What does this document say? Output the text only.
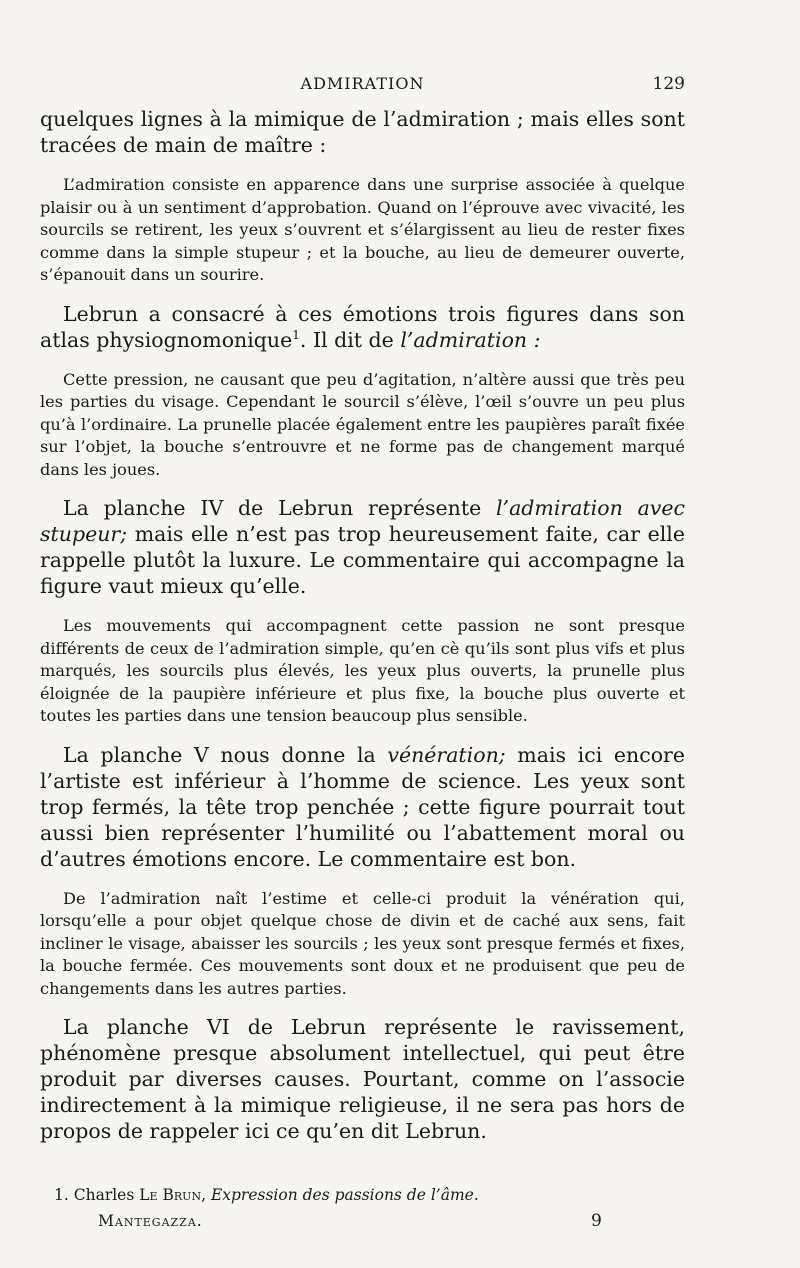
ADMIRATION	129

quelques lignes à la mimique de l’admiration ; mais elles sont tracées de main de maître :

L’admiration consiste en apparence dans une surprise associée à quelque plaisir ou à un sentiment d’approbation. Quand on l’éprouve avec vivacité, les sourcils se retirent, les yeux s’ouvrent et s’élargissent au lieu de rester fixes comme dans la simple stupeur ; et la bouche, au lieu de demeurer ouverte, s’épanouit dans un sourire.

Lebrun a consacré à ces émotions trois figures dans son atlas physiognomonique$^1$. Il dit de l’admiration :

Cette pression, ne causant que peu d’agitation, n’altère aussi que très peu les parties du visage. Cependant le sourcil s’élève, l’œil s’ouvre un peu plus qu’à l’ordinaire. La prunelle placée également entre les paupières paraît fixée sur l’objet, la bouche s’entrouvre et ne forme pas de changement marqué dans les joues.

La planche IV de Lebrun représente l’admiration avec stupeur; mais elle n’est pas trop heureusement faite, car elle rappelle plutôt la luxure. Le commentaire qui accompagne la figure vaut mieux qu’elle.

Les mouvements qui accompagnent cette passion ne sont presque différents de ceux de l’admiration simple, qu’en cè qu’ils sont plus vifs et plus marqués, les sourcils plus élevés, les yeux plus ouverts, la prunelle plus éloignée de la paupière inférieure et plus fixe, la bouche plus ouverte et toutes les parties dans une tension beaucoup plus sensible.

La planche V nous donne la vénération; mais ici encore l’artiste est inférieur à l’homme de science. Les yeux sont trop fermés, la tête trop penchée ; cette figure pourrait tout aussi bien représenter l’humilité ou l’abattement moral ou d’autres émotions encore. Le commentaire est bon.

De l’admiration naît l’estime et celle-ci produit la vénération qui, lorsqu’elle a pour objet quelque chose de divin et de caché aux sens, fait incliner le visage, abaisser les sourcils ; les yeux sont presque fermés et fixes, la bouche fermée. Ces mouvements sont doux et ne produisent que peu de changements dans les autres parties.

La planche VI de Lebrun représente le ravissement, phénomène presque absolument intellectuel, qui peut être produit par diverses causes. Pourtant, comme on l’associe indirectement à la mimique religieuse, il ne sera pas hors de propos de rappeler ici ce qu’en dit Lebrun.

1. Charles Le Brun, Expression des passions de l’âme.
Mantegazza.	9
